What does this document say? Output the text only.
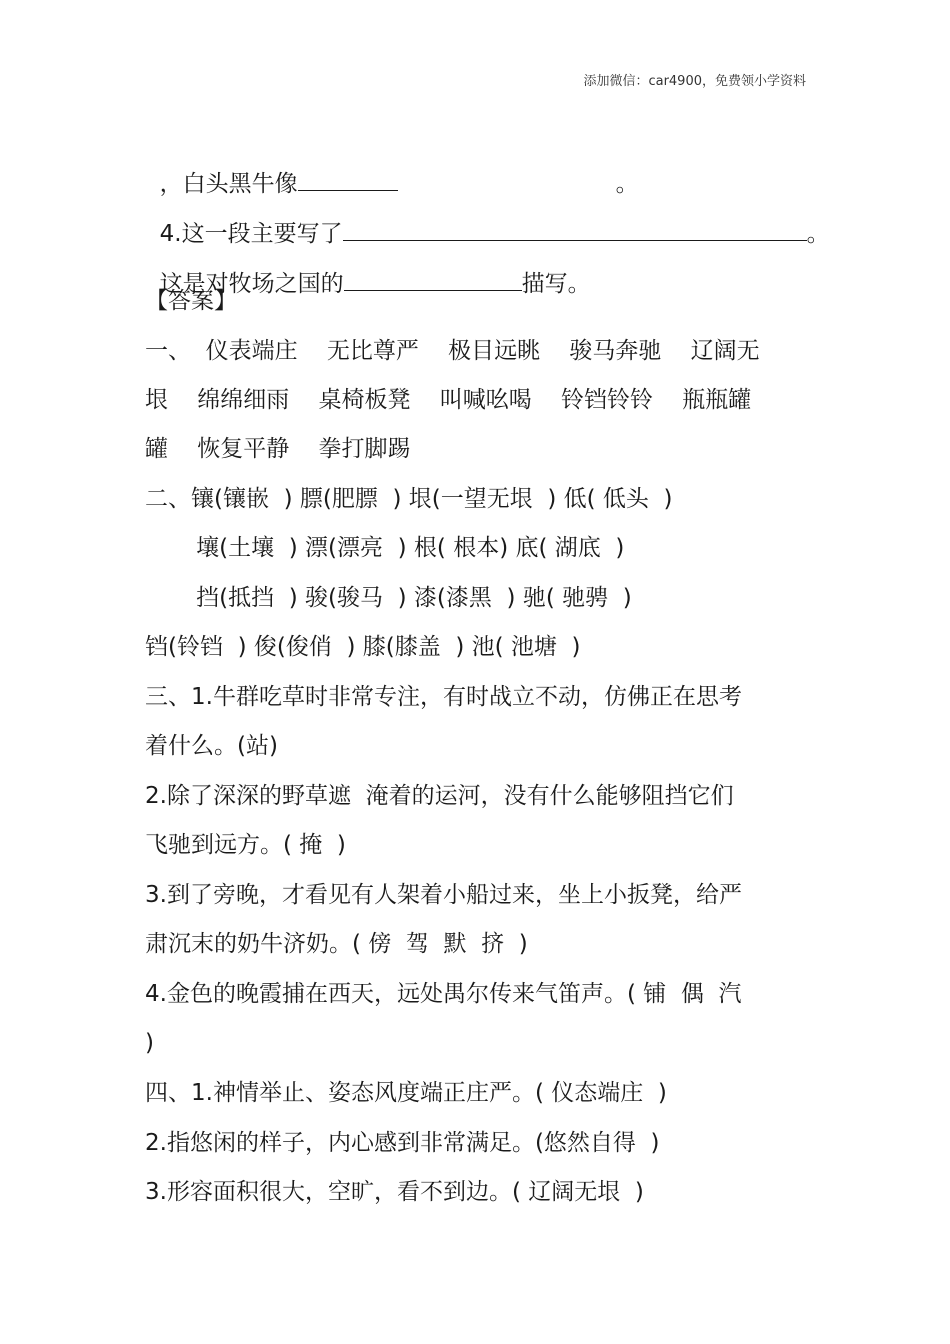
添加微信：car4900，免费领小学资料

，白头黑牛像	。

4.这一段主要写了	。

这是对牧场之国的	描写。

【答案】
一、  仪表端庄    无比尊严    极目远眺    骏马奔驰    辽阔无
垠    绵绵细雨    桌椅板凳    叫喊吆喝    铃铛铃铃    瓶瓶罐
罐    恢复平静    拳打脚踢
二、镶(镶嵌  ) 膘(肥膘  ) 垠(一望无垠  ) 低( 低头  )
壤(土壤  ) 漂(漂亮  ) 根( 根本) 底( 湖底  )
挡(抵挡  ) 骏(骏马  ) 漆(漆黑  ) 驰( 驰骋  )
铛(铃铛  ) 俊(俊俏  ) 膝(膝盖  ) 池( 池塘  )
三、1.牛群吃草时非常专注，有时战立不动，仿佛正在思考
着什么。(站)
2.除了深深的野草遮  淹着的运河，没有什么能够阻挡它们
飞驰到远方。( 掩  )
3.到了旁晚，才看见有人架着小船过来，坐上小扳凳，给严
肃沉末的奶牛济奶。( 傍  驾  默  挤  )
4.金色的晚霞捕在西天，远处禺尔传来气笛声。( 铺  偶  汽
)
四、1.神情举止、姿态风度端正庄严。( 仪态端庄  )
2.指悠闲的样子，内心感到非常满足。(悠然自得  )
3.形容面积很大，空旷，看不到边。( 辽阔无垠  )
